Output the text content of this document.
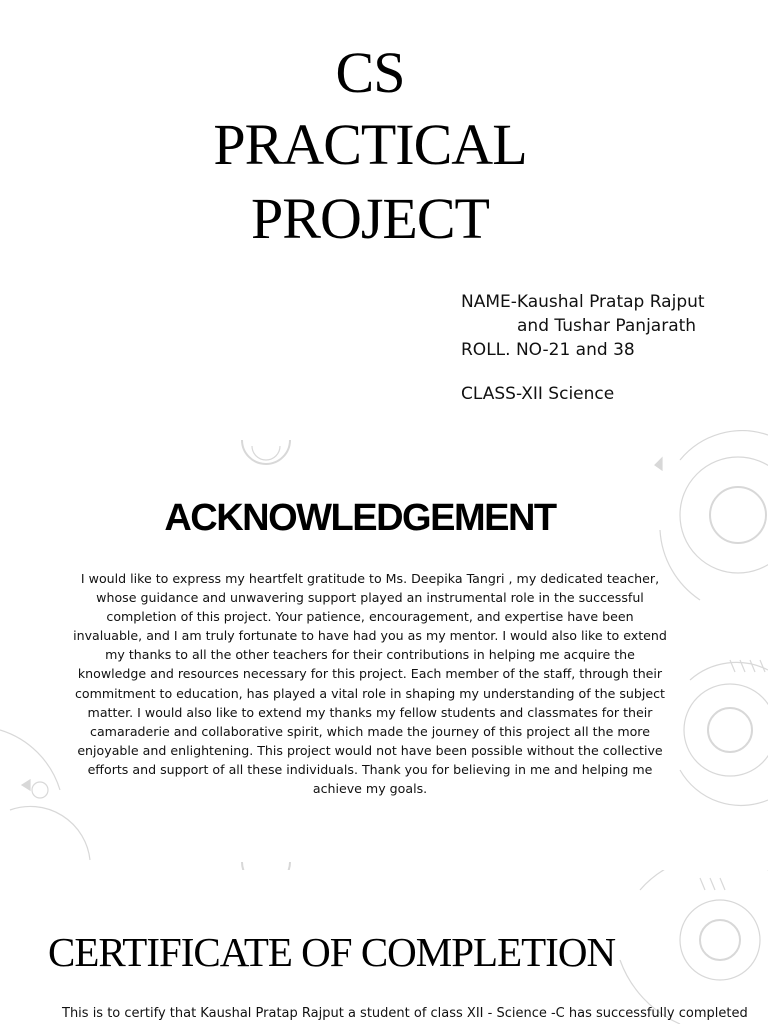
CS
PRACTICAL
PROJECT
NAME-Kaushal Pratap Rajput
and Tushar Panjarath
ROLL. NO-21 and 38
CLASS-XII Science
ACKNOWLEDGEMENT
I would like to express my heartfelt gratitude to Ms. Deepika Tangri , my dedicated teacher,
whose guidance and unwavering support played an instrumental role in the successful
completion of this project. Your patience, encouragement, and expertise have been
invaluable, and I am truly fortunate to have had you as my mentor. I would also like to extend
my thanks to all the other teachers for their contributions in helping me acquire the
knowledge and resources necessary for this project. Each member of the staff, through their
commitment to education, has played a vital role in shaping my understanding of the subject
matter. I would also like to extend my thanks my fellow students and classmates for their
camaraderie and collaborative spirit, which made the journey of this project all the more
enjoyable and enlightening. This project would not have been possible without the collective
efforts and support of all these individuals. Thank you for believing in me and helping me
achieve my goals.
CERTIFICATE OF COMPLETION
This is to certify that Kaushal Pratap Rajput a student of class XII - Science -C has successfully completed
